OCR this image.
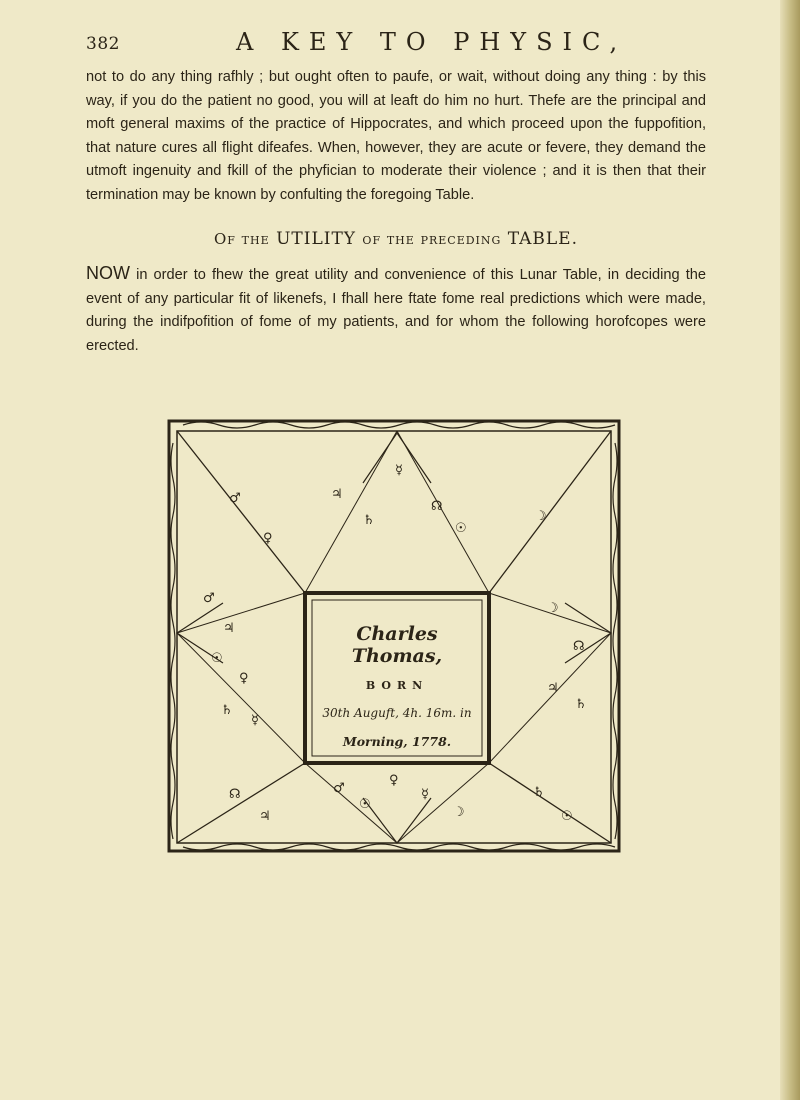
382	A KEY TO PHYSIC,

not to do any thing rafhly ; but ought often to paufe, or wait, without doing any thing : by this way, if you do the patient no good, you will at leaft do him no hurt. Thefe are the principal and moft general maxims of the practice of Hippocrates, and which proceed upon the fuppofition, that nature cures all flight difeafes. When, however, they are acute or fevere, they demand the utmoft ingenuity and fkill of the phyfician to moderate their violence ; and it is then that their termination may be known by confulting the foregoing Table.

Of the UTILITY of the preceding TABLE.

NOW in order to fhew the great utility and convenience of this Lunar Table, in deciding the event of any particular fit of likenefs, I fhall here ftate fome real predictions which were made, during the indifpofition of fome of my patients, and for whom the following horofcopes were erected.

♂
♀
♃
♄
☿
☊
☉
☽
♂
♃
☉
♀
♄
☿
☽
☊
♃
♄
♂
☉
♀
☿
☽
☊
♃
♄
☉
Charles Thomas,
BORN
30th Auguft, 4h. 16m. in
Morning, 1778.
